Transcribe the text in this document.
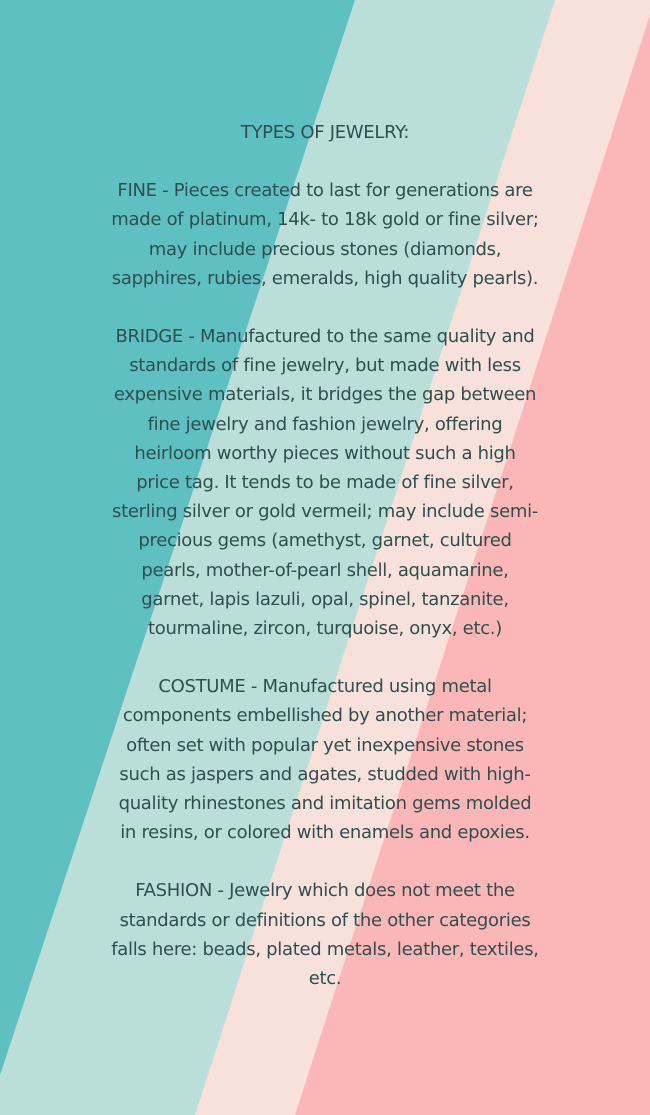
TYPES OF JEWELRY:

FINE - Pieces created to last for generations are made of platinum, 14k- to 18k gold or fine silver; may include precious stones (diamonds, sapphires, rubies, emeralds, high quality pearls).

BRIDGE - Manufactured to the same quality and standards of fine jewelry, but made with less expensive materials, it bridges the gap between fine jewelry and fashion jewelry, offering heirloom worthy pieces without such a high price tag. It tends to be made of fine silver, sterling silver or gold vermeil; may include semi-precious gems (amethyst, garnet, cultured pearls, mother-of-pearl shell, aquamarine, garnet, lapis lazuli, opal, spinel, tanzanite, tourmaline, zircon, turquoise, onyx, etc.)

COSTUME - Manufactured using metal components embellished by another material; often set with popular yet inexpensive stones such as jaspers and agates, studded with high-quality rhinestones and imitation gems molded in resins, or colored with enamels and epoxies.

FASHION - Jewelry which does not meet the standards or definitions of the other categories falls here: beads, plated metals, leather, textiles, etc.
